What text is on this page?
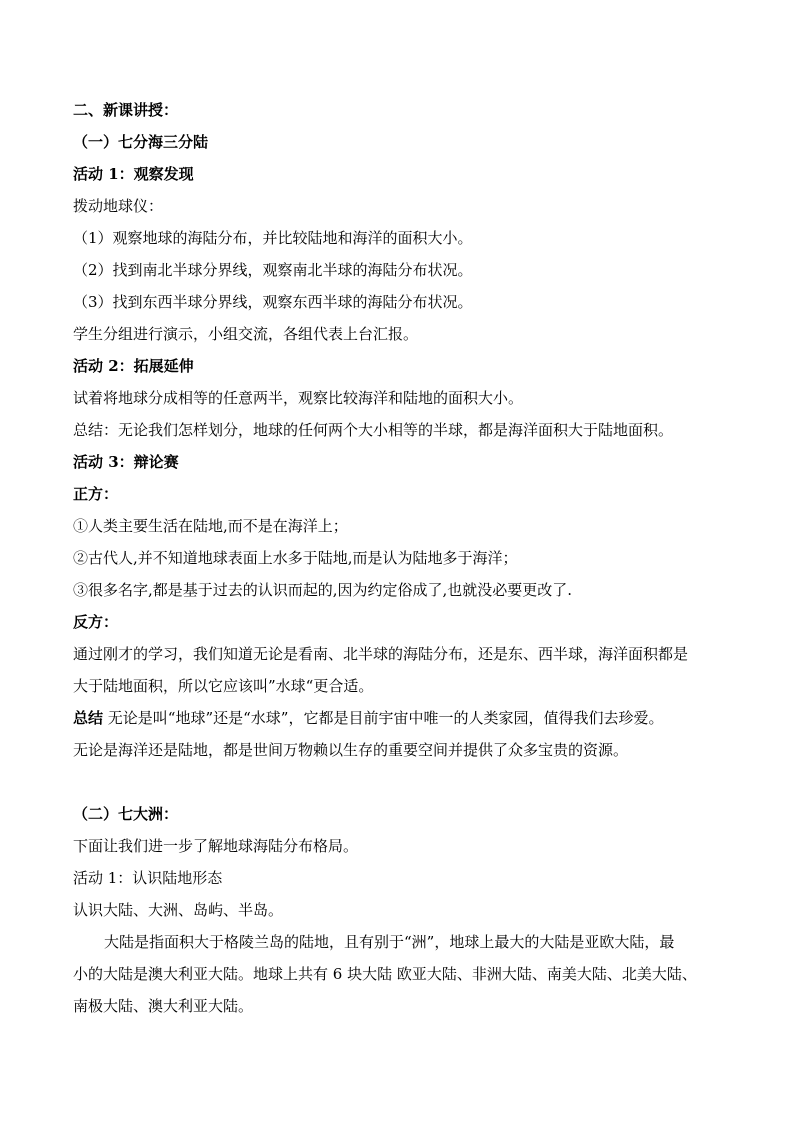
二、新课讲授：
（一）七分海三分陆
活动 1：观察发现
拨动地球仪：
（1）观察地球的海陆分布，并比较陆地和海洋的面积大小。
（2）找到南北半球分界线，观察南北半球的海陆分布状况。
（3）找到东西半球分界线，观察东西半球的海陆分布状况。
学生分组进行演示，小组交流，各组代表上台汇报。
活动 2：拓展延伸
试着将地球分成相等的任意两半，观察比较海洋和陆地的面积大小。
总结：无论我们怎样划分，地球的任何两个大小相等的半球，都是海洋面积大于陆地面积。
活动 3：辩论赛
正方：
①人类主要生活在陆地,而不是在海洋上；
②古代人,并不知道地球表面上水多于陆地,而是认为陆地多于海洋；
③很多名字,都是基于过去的认识而起的,因为约定俗成了,也就没必要更改了.
反方：
通过刚才的学习，我们知道无论是看南、北半球的海陆分布，还是东、西半球，海洋面积都是
大于陆地面积，所以它应该叫”水球“更合适。
总结 无论是叫“地球”还是“水球”，它都是目前宇宙中唯一的人类家园，值得我们去珍爱。
无论是海洋还是陆地，都是世间万物赖以生存的重要空间并提供了众多宝贵的资源。
（二）七大洲：
下面让我们进一步了解地球海陆分布格局。
活动 1：认识陆地形态
认识大陆、大洲、岛屿、半岛。
大陆是指面积大于格陵兰岛的陆地，且有别于“洲”，地球上最大的大陆是亚欧大陆，最
小的大陆是澳大利亚大陆。地球上共有 6 块大陆 欧亚大陆、非洲大陆、南美大陆、北美大陆、
南极大陆、澳大利亚大陆。
